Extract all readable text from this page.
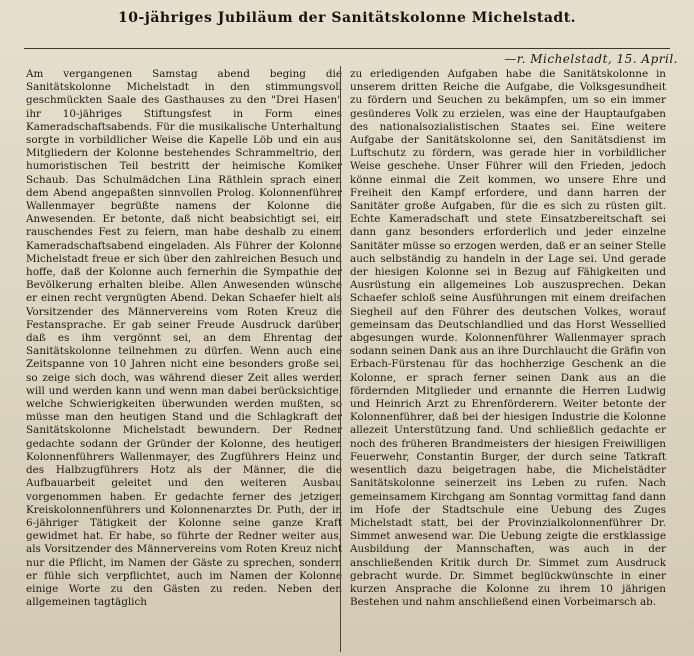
10-jähriges Jubiläum der Sanitätskolonne Michelstadt.
—r. Michelstadt, 15. April.

Am vergangenen Samstag abend beging die Sanitätskolonne Michelstadt in den stimmungsvoll geschmückten Saale des Gasthauses zu den "Drei Hasen" ihr 10-jähriges Stiftungsfest in Form eines Kameradschaftsabends. Für die musikalische Unterhaltung sorgte in vorbildlicher Weise die Kapelle Löb und ein aus Mitgliedern der Kolonne bestehendes Schrammeltrio, den humoristischen Teil bestritt der heimische Komiker Schaub. Das Schulmädchen Lina Räthlein sprach einen dem Abend angepaßten sinnvollen Prolog. Kolonnenführer Wallenmayer begrüßte namens der Kolonne die Anwesenden. Er betonte, daß nicht beabsichtigt sei, ein rauschendes Fest zu feiern, man habe deshalb zu einem Kameradschaftsabend eingeladen. Als Führer der Kolonne Michelstadt freue er sich über den zahlreichen Besuch und hoffe, daß der Kolonne auch fernerhin die Sympathie der Bevölkerung erhalten bleibe. Allen Anwesenden wünsche er einen recht vergnügten Abend. Dekan Schaefer hielt als Vorsitzender des Männervereins vom Roten Kreuz die Festansprache. Er gab seiner Freude Ausdruck darüber, daß es ihm vergönnt sei, an dem Ehrentag der Sanitätskolonne teilnehmen zu dürfen. Wenn auch eine Zeitspanne von 10 Jahren nicht eine besonders große sei, so zeige sich doch, was während dieser Zeit alles werden will und werden kann und wenn man dabei berücksichtige, welche Schwierigkeiten überwunden werden mußten, so müsse man den heutigen Stand und die Schlagkraft der Sanitätskolonne Michelstadt bewundern. Der Redner gedachte sodann der Gründer der Kolonne, des heutigen Kolonnenführers Wallenmayer, des Zugführers Heinz und des Halbzugführers Hotz als der Männer, die die Aufbauarbeit geleitet und den weiteren Ausbau vorgenommen haben. Er gedachte ferner des jetzigen Kreiskolonnenführers und Kolonnenarztes Dr. Puth, der in 6-jähriger Tätigkeit der Kolonne seine ganze Kraft gewidmet hat. Er habe, so führte der Redner weiter aus, als Vorsitzender des Männervereins vom Roten Kreuz nicht nur die Pflicht, im Namen der Gäste zu sprechen, sondern er fühle sich verpflichtet, auch im Namen der Kolonne einige Worte zu den Gästen zu reden. Neben den allgemeinen tagtäglich

zu erledigenden Aufgaben habe die Sanitätskolonne in unserem dritten Reiche die Aufgabe, die Volksgesundheit zu fördern und Seuchen zu bekämpfen, um so ein immer gesünderes Volk zu erzielen, was eine der Hauptaufgaben des nationalsozialistischen Staates sei. Eine weitere Aufgabe der Sanitätskolonne sei, den Sanitätsdienst im Luftschutz zu fördern, was gerade hier in vorbildlicher Weise geschehe. Unser Führer will den Frieden, jedoch könne einmal die Zeit kommen, wo unsere Ehre und Freiheit den Kampf erfordere, und dann harren der Sanitäter große Aufgaben, für die es sich zu rüsten gilt. Echte Kameradschaft und stete Einsatzbereitschaft sei dann ganz besonders erforderlich und jeder einzelne Sanitäter müsse so erzogen werden, daß er an seiner Stelle auch selbständig zu handeln in der Lage sei. Und gerade der hiesigen Kolonne sei in Bezug auf Fähigkeiten und Ausrüstung ein allgemeines Lob auszusprechen. Dekan Schaefer schloß seine Ausführungen mit einem dreifachen Siegheil auf den Führer des deutschen Volkes, worauf gemeinsam das Deutschlandlied und das Horst Wessellied abgesungen wurde. Kolonnenführer Wallenmayer sprach sodann seinen Dank aus an ihre Durchlaucht die Gräfin von Erbach-Fürstenau für das hochherzige Geschenk an die Kolonne, er sprach ferner seinen Dank aus an die fördernden Mitglieder und ernannte die Herren Ludwig und Heinrich Arzt zu Ehrenförderern. Weiter betonte der Kolonnenführer, daß bei der hiesigen Industrie die Kolonne allezeit Unterstützung fand. Und schließlich gedachte er noch des früheren Brandmeisters der hiesigen Freiwilligen Feuerwehr, Constantin Burger, der durch seine Tatkraft wesentlich dazu beigetragen habe, die Michelstädter Sanitätskolonne seinerzeit ins Leben zu rufen. Nach gemeinsamem Kirchgang am Sonntag vormittag fand dann im Hofe der Stadtschule eine Uebung des Zuges Michelstadt statt, bei der Provinzialkolonnenführer Dr. Simmet anwesend war. Die Uebung zeigte die erstklassige Ausbildung der Mannschaften, was auch in der anschließenden Kritik durch Dr. Simmet zum Ausdruck gebracht wurde. Dr. Simmet beglückwünschte in einer kurzen Ansprache die Kolonne zu ihrem 10 jährigen Bestehen und nahm anschließend einen Vorbeimarsch ab.
